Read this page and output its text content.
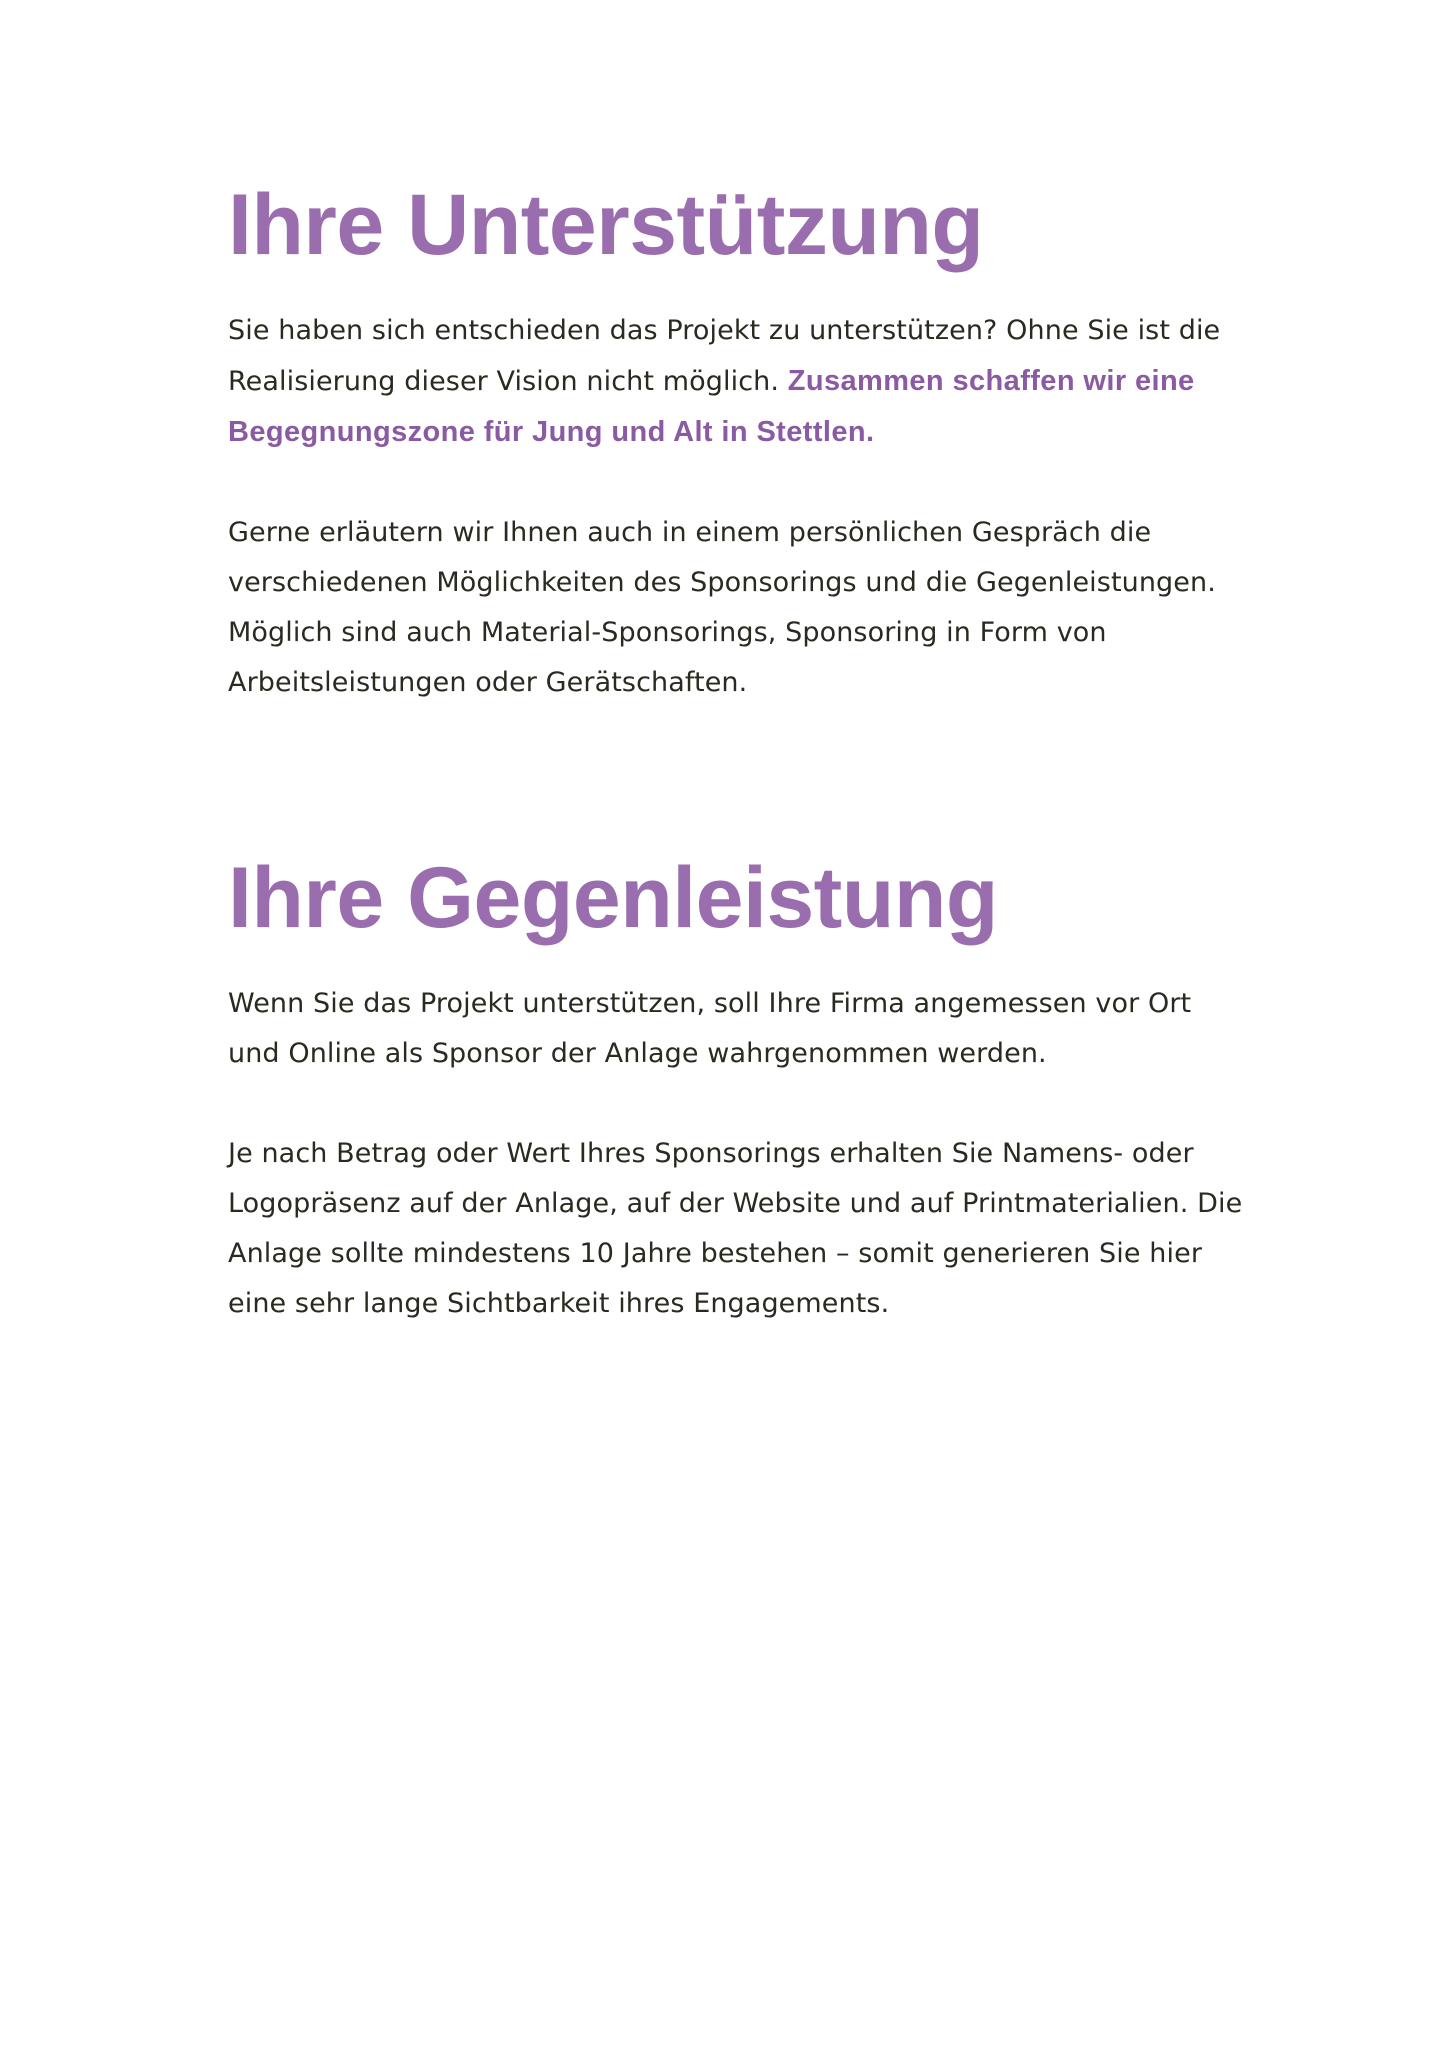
Ihre Unterstützung

Sie haben sich entschieden das Projekt zu unterstützen? Ohne Sie ist die Realisierung dieser Vision nicht möglich. Zusammen schaffen wir eine Begegnungszone für Jung und Alt in Stettlen.

Gerne erläutern wir Ihnen auch in einem persönlichen Gespräch die verschiedenen Möglichkeiten des Sponsorings und die Gegenleistungen. Möglich sind auch Material-Sponsorings, Sponsoring in Form von Arbeitsleistungen oder Gerätschaften.

Ihre Gegenleistung

Wenn Sie das Projekt unterstützen, soll Ihre Firma angemessen vor Ort und Online als Sponsor der Anlage wahrgenommen werden.

Je nach Betrag oder Wert Ihres Sponsorings erhalten Sie Namens- oder Logopräsenz auf der Anlage, auf der Website und auf Printmaterialien. Die Anlage sollte mindestens 10 Jahre bestehen – somit generieren Sie hier eine sehr lange Sichtbarkeit ihres Engagements.
